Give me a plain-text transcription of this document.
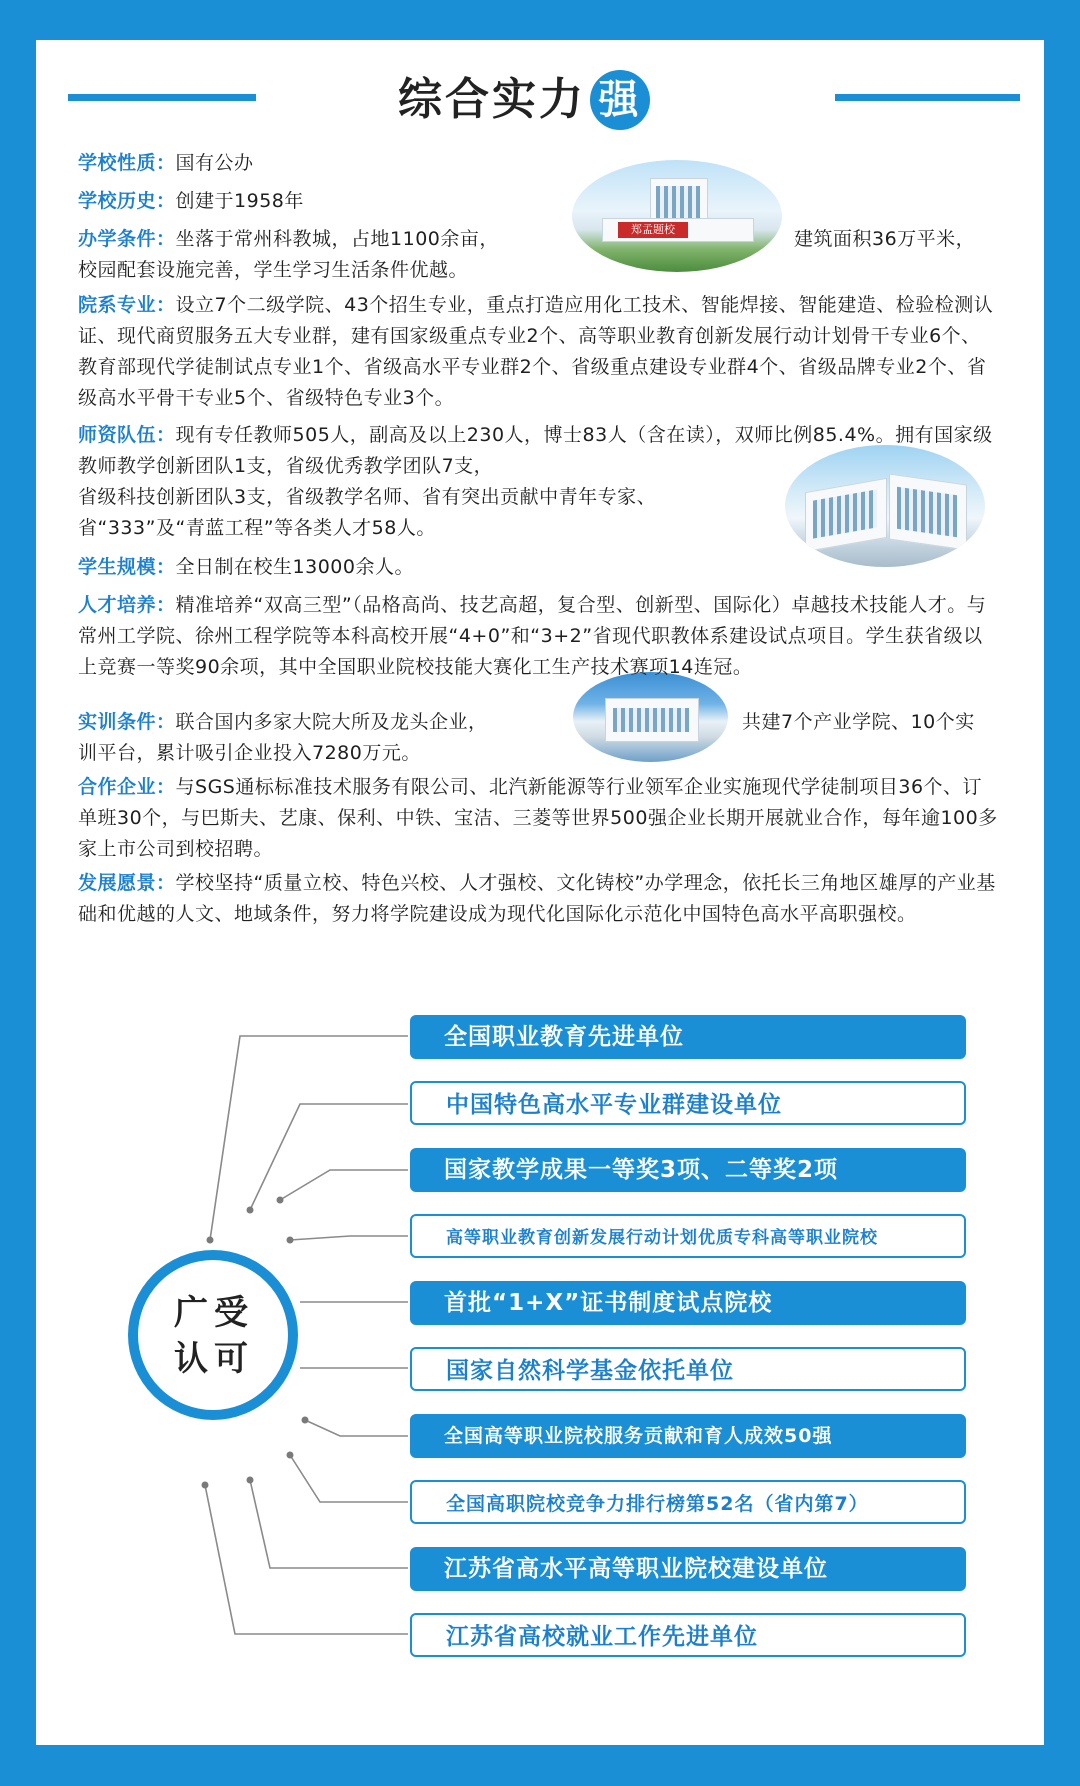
综合实力 强
郑孟题校
学校性质：国有公办
学校历史：创建于1958年
办学条件：坐落于常州科教城，占地1100余亩，	建筑面积36万平米，
校园配套设施完善，学生学习生活条件优越。
院系专业：设立7个二级学院、43个招生专业，重点打造应用化工技术、智能焊接、智能建造、检验检测认证、现代商贸服务五大专业群，建有国家级重点专业2个、高等职业教育创新发展行动计划骨干专业6个、教育部现代学徒制试点专业1个、省级高水平专业群2个、省级重点建设专业群4个、省级品牌专业2个、省级高水平骨干专业5个、省级特色专业3个。
师资队伍：现有专任教师505人，副高及以上230人，博士83人（含在读），双师比例85.4%。拥有国家级教师教学创新团队1支，省级优秀教学团队7支，
省级科技创新团队3支，省级教学名师、省有突出贡献中青年专家、
省“333”及“青蓝工程”等各类人才58人。
学生规模：全日制在校生13000余人。
人才培养：精准培养“双高三型”（品格高尚、技艺高超，复合型、创新型、国际化）卓越技术技能人才。与常州工学院、徐州工程学院等本科高校开展“4+0”和“3+2”省现代职教体系建设试点项目。学生获省级以上竞赛一等奖90余项，其中全国职业院校技能大赛化工生产技术赛项14连冠。
实训条件：联合国内多家大院大所及龙头企业，	共建7个产业学院、10个实
训平台，累计吸引企业投入7280万元。
合作企业：与SGS通标标准技术服务有限公司、北汽新能源等行业领军企业实施现代学徒制项目36个、订单班30个，与巴斯夫、艺康、保利、中铁、宝洁、三菱等世界500强企业长期开展就业合作，每年逾100多家上市公司到校招聘。
发展愿景：学校坚持“质量立校、特色兴校、人才强校、文化铸校”办学理念，依托长三角地区雄厚的产业基础和优越的人文、地域条件，努力将学院建设成为现代化国际化示范化中国特色高水平高职强校。
广受
认可
全国职业教育先进单位
中国特色高水平专业群建设单位
国家教学成果一等奖3项、二等奖2项
高等职业教育创新发展行动计划优质专科高等职业院校
首批“1+X”证书制度试点院校
国家自然科学基金依托单位
全国高等职业院校服务贡献和育人成效50强
全国高职院校竞争力排行榜第52名（省内第7）
江苏省高水平高等职业院校建设单位
江苏省高校就业工作先进单位
